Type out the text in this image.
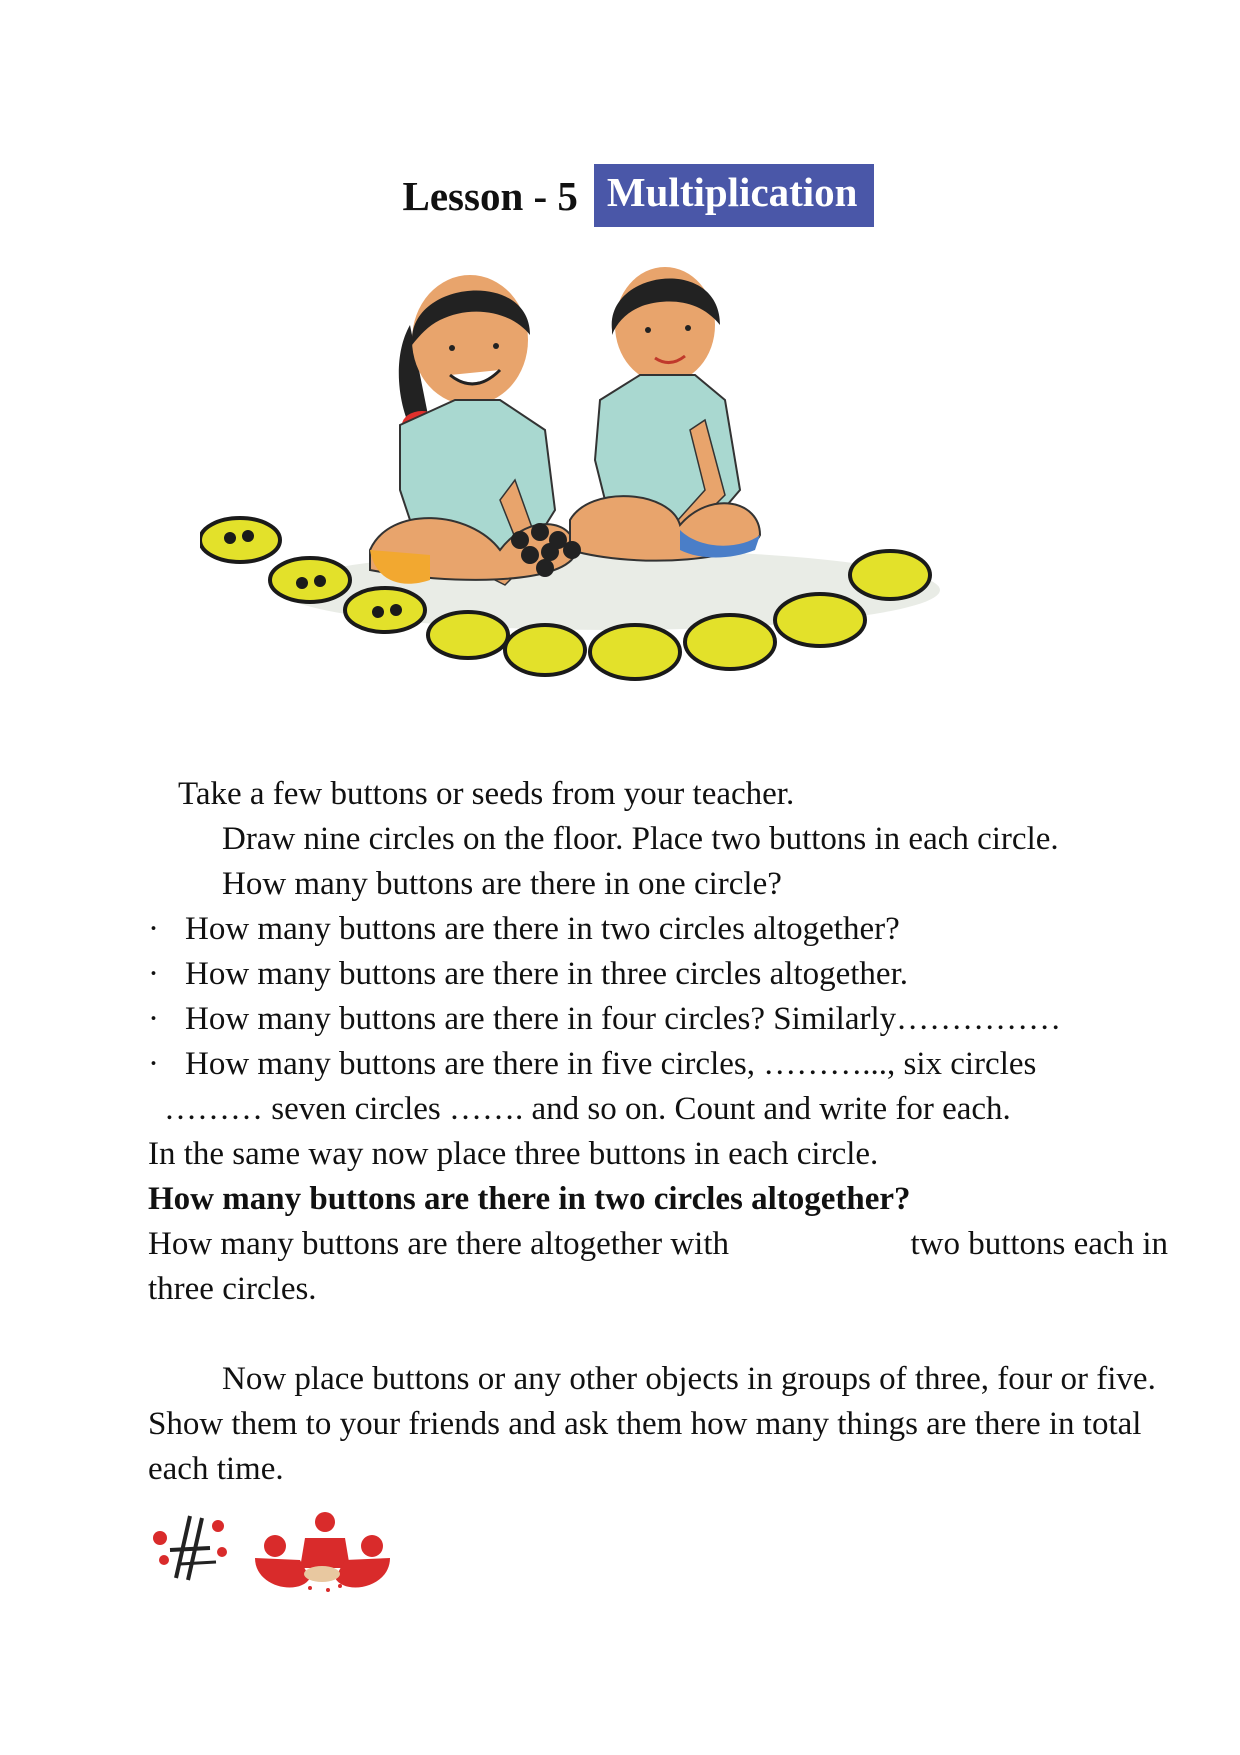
Lesson - 5 Multiplication
Take a few buttons or seeds from your teacher.
Draw nine circles on the floor. Place two buttons in each circle.
How many buttons are there in one circle?
· How many buttons are there in two circles altogether?
· How many buttons are there in three circles altogether.
· How many buttons are there in four circles? Similarly……………
· How many buttons are there in five circles, ………..., six circles
……… seven circles ……. and so on. Count and write for each.
In the same way now place three buttons in each circle.
How many buttons are there in two circles altogether?
How many buttons are there altogether with	two buttons each in
three circles.
Now place buttons or any other objects in groups of three, four or five. Show them to your friends and ask them how many things are there in total each time.
